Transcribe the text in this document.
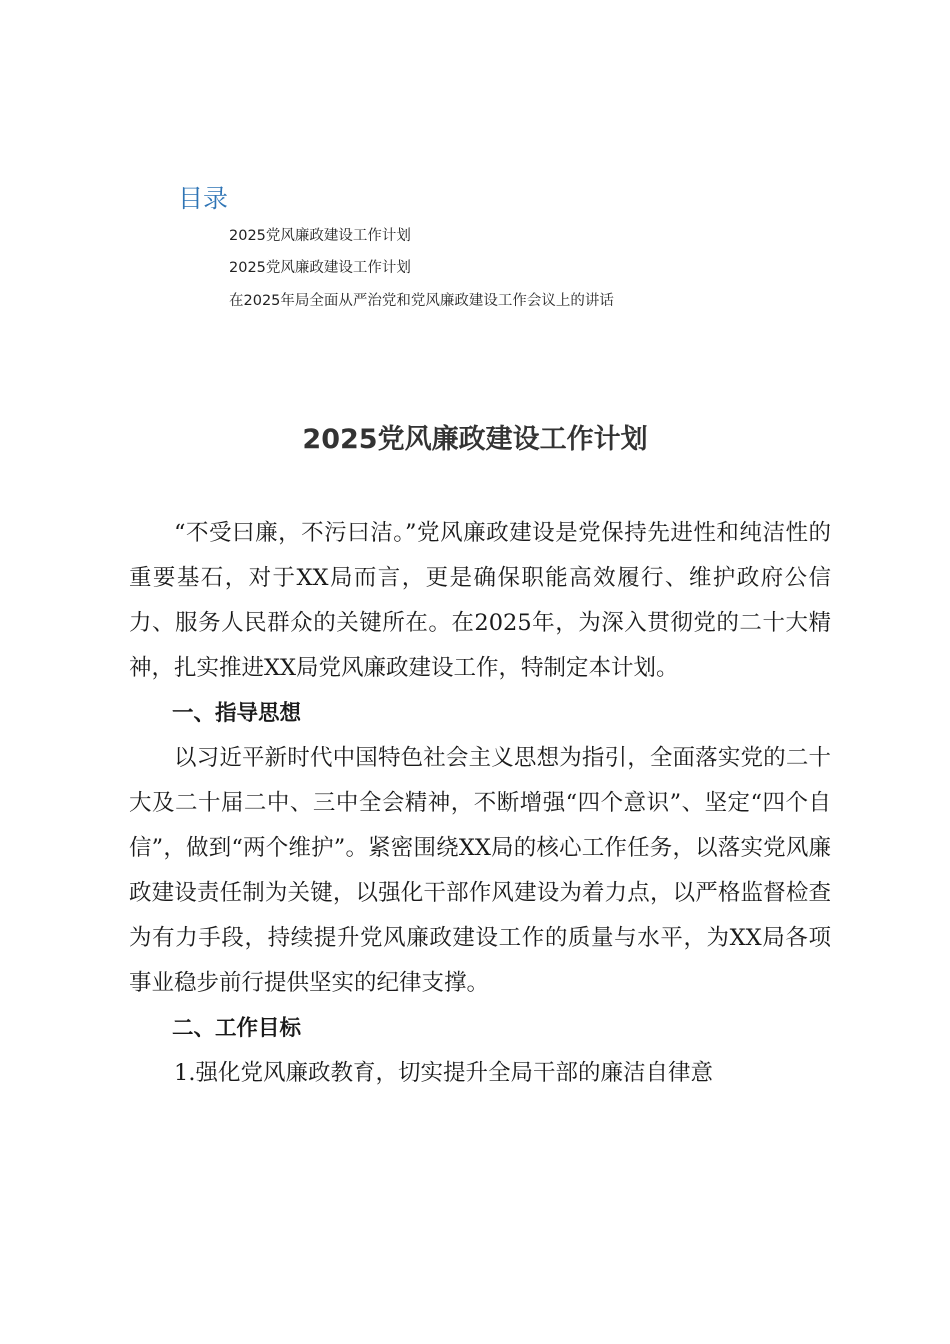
目录
2025党风廉政建设工作计划
2025党风廉政建设工作计划
在2025年局全面从严治党和党风廉政建设工作会议上的讲话
2025党风廉政建设工作计划

“不受曰廉，不污曰洁。”党风廉政建设是党保持先进性和纯洁性的重要基石，对于XX局而言，更是确保职能高效履行、维护政府公信力、服务人民群众的关键所在。在2025年，为深入贯彻党的二十大精神，扎实推进XX局党风廉政建设工作，特制定本计划。

一、指导思想

以习近平新时代中国特色社会主义思想为指引，全面落实党的二十大及二十届二中、三中全会精神，不断增强“四个意识”、坚定“四个自信”，做到“两个维护”。紧密围绕XX局的核心工作任务，以落实党风廉政建设责任制为关键，以强化干部作风建设为着力点，以严格监督检查为有力手段，持续提升党风廉政建设工作的质量与水平，为XX局各项事业稳步前行提供坚实的纪律支撑。

二、工作目标

1.强化党风廉政教育，切实提升全局干部的廉洁自律意
